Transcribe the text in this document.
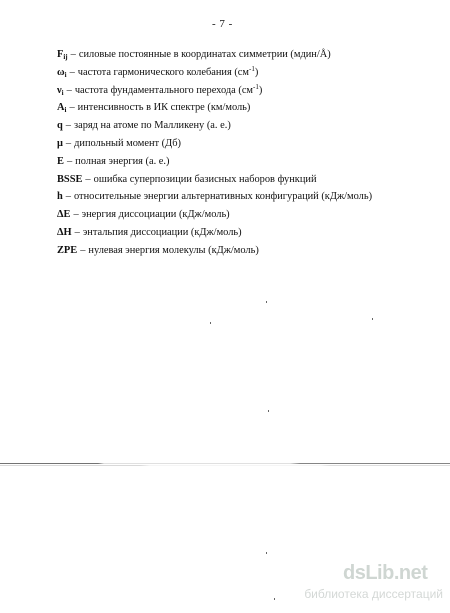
- 7 -
$F_{ij}$ – силовые постоянные в координатах симметрии (мдин/Å)
$\omega_i$ – частота гармонического колебания $(см^{-1})$
$\nu_i$ – частота фундаментального перехода $(см^{-1})$
$A_i$ – интенсивность в ИК спектре (км/моль)
q – заряд на атоме по Малликену (а. е.)
μ – дипольный момент (Дб)
E – полная энергия (а. е.)
BSSE – ошибка суперпозиции базисных наборов функций
h – относительные энергии альтернативных конфигураций (кДж/моль)
ΔE – энергия диссоциации (кДж/моль)
ΔH – энтальпия диссоциации (кДж/моль)
ZPE – нулевая энергия молекулы (кДж/моль)
dsLib.net
библиотека диссертаций
